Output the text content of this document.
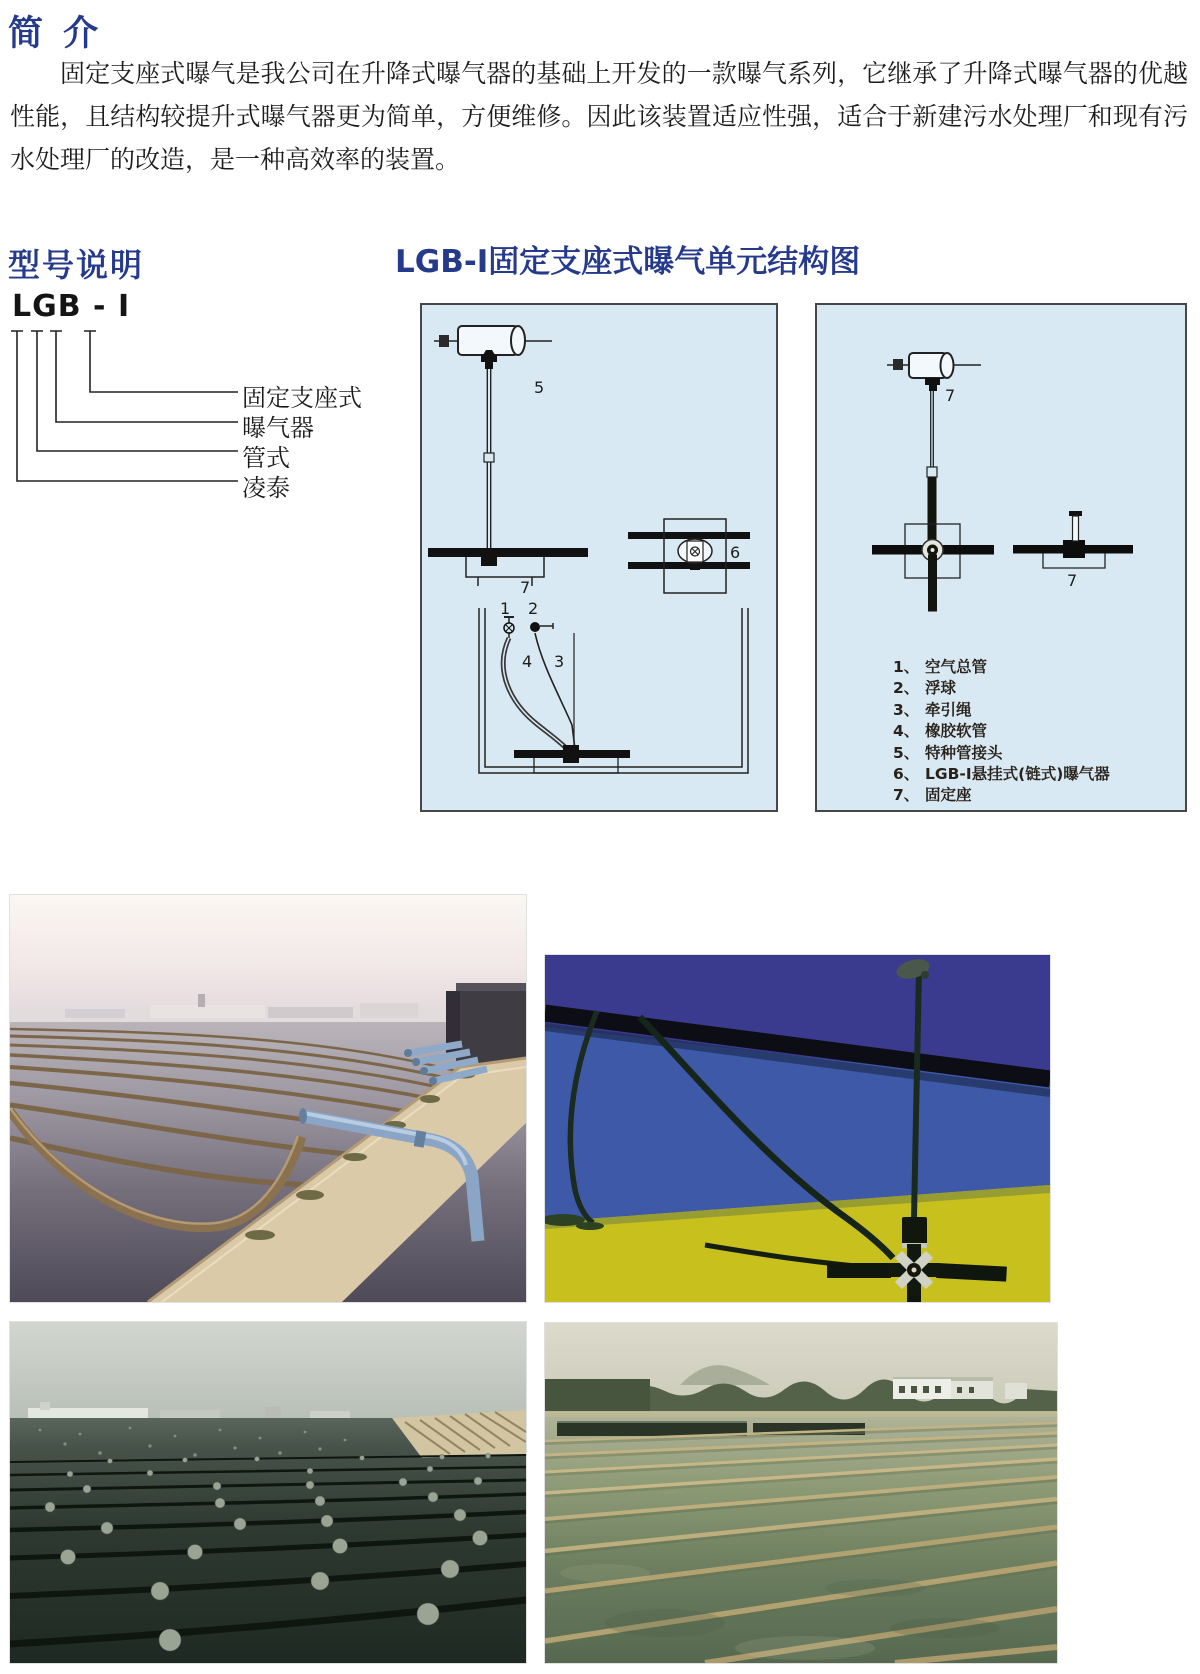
简 介

固定支座式曝气是我公司在升降式曝气器的基础上开发的一款曝气系列，它继承了升降式曝气器的优越性能，且结构较提升式曝气器更为简单，方便维修。因此该装置适应性强，适合于新建污水处理厂和现有污水处理厂的改造，是一种高效率的装置。

型号说明
LGB - I
固定支座式
曝气器
管式
凌泰
LGB-I固定支座式曝气单元结构图
5
7
6
1 2
4 3
7
7
1、 空气总管
2、 浮球
3、 牵引绳
4、 橡胶软管
5、 特种管接头
6、 LGB-I悬挂式(链式)曝气器
7、 固定座
